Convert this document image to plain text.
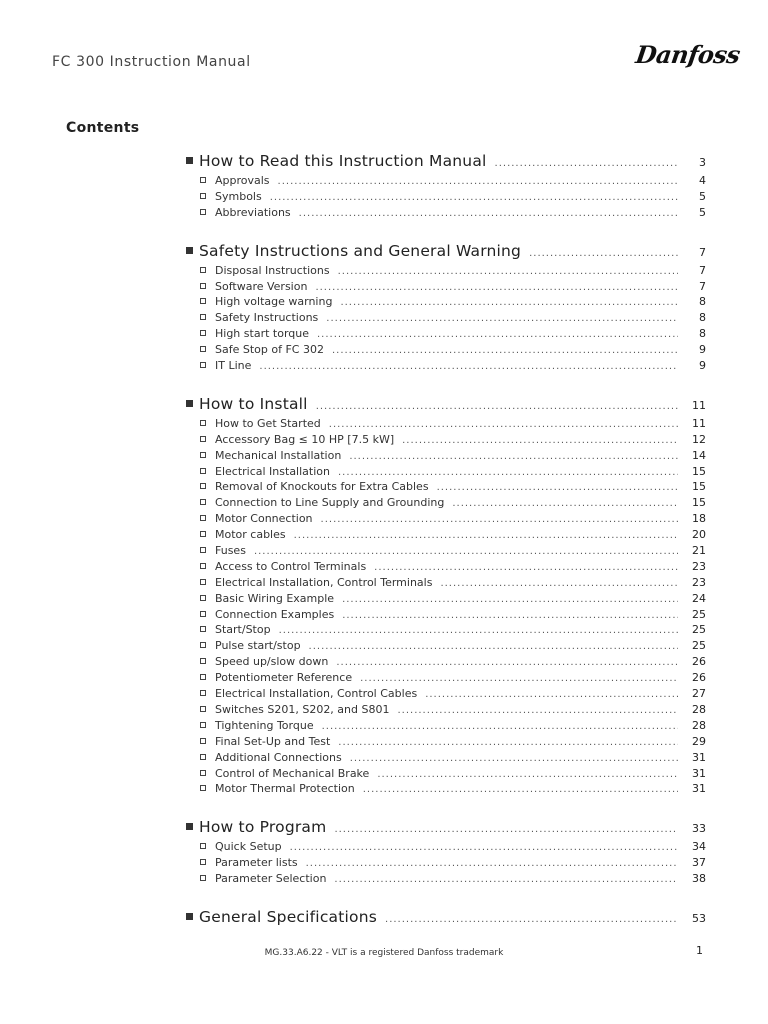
FC 300 Instruction Manual	Danfoss
Contents
How to Read this Instruction Manual .....	3
Approvals .....	4
Symbols .....	5
Abbreviations .....	5
Safety Instructions and General Warning .....	7
Disposal Instructions .....	7
Software Version .....	7
High voltage warning .....	8
Safety Instructions .....	8
High start torque .....	8
Safe Stop of FC 302 .....	9
IT Line .....	9
How to Install .....	11
How to Get Started .....	11
Accessory Bag ≤ 10 HP [7.5 kW] .....	12
Mechanical Installation .....	14
Electrical Installation .....	15
Removal of Knockouts for Extra Cables .....	15
Connection to Line Supply and Grounding .....	15
Motor Connection .....	18
Motor cables .....	20
Fuses .....	21
Access to Control Terminals .....	23
Electrical Installation, Control Terminals .....	23
Basic Wiring Example .....	24
Connection Examples .....	25
Start/Stop .....	25
Pulse start/stop .....	25
Speed up/slow down .....	26
Potentiometer Reference .....	26
Electrical Installation, Control Cables .....	27
Switches S201, S202, and S801 .....	28
Tightening Torque .....	28
Final Set-Up and Test .....	29
Additional Connections .....	31
Control of Mechanical Brake .....	31
Motor Thermal Protection .....	31
How to Program .....	33
Quick Setup .....	34
Parameter lists .....	37
Parameter Selection .....	38
General Specifications .....	53
MG.33.A6.22 - VLT is a registered Danfoss trademark	1
